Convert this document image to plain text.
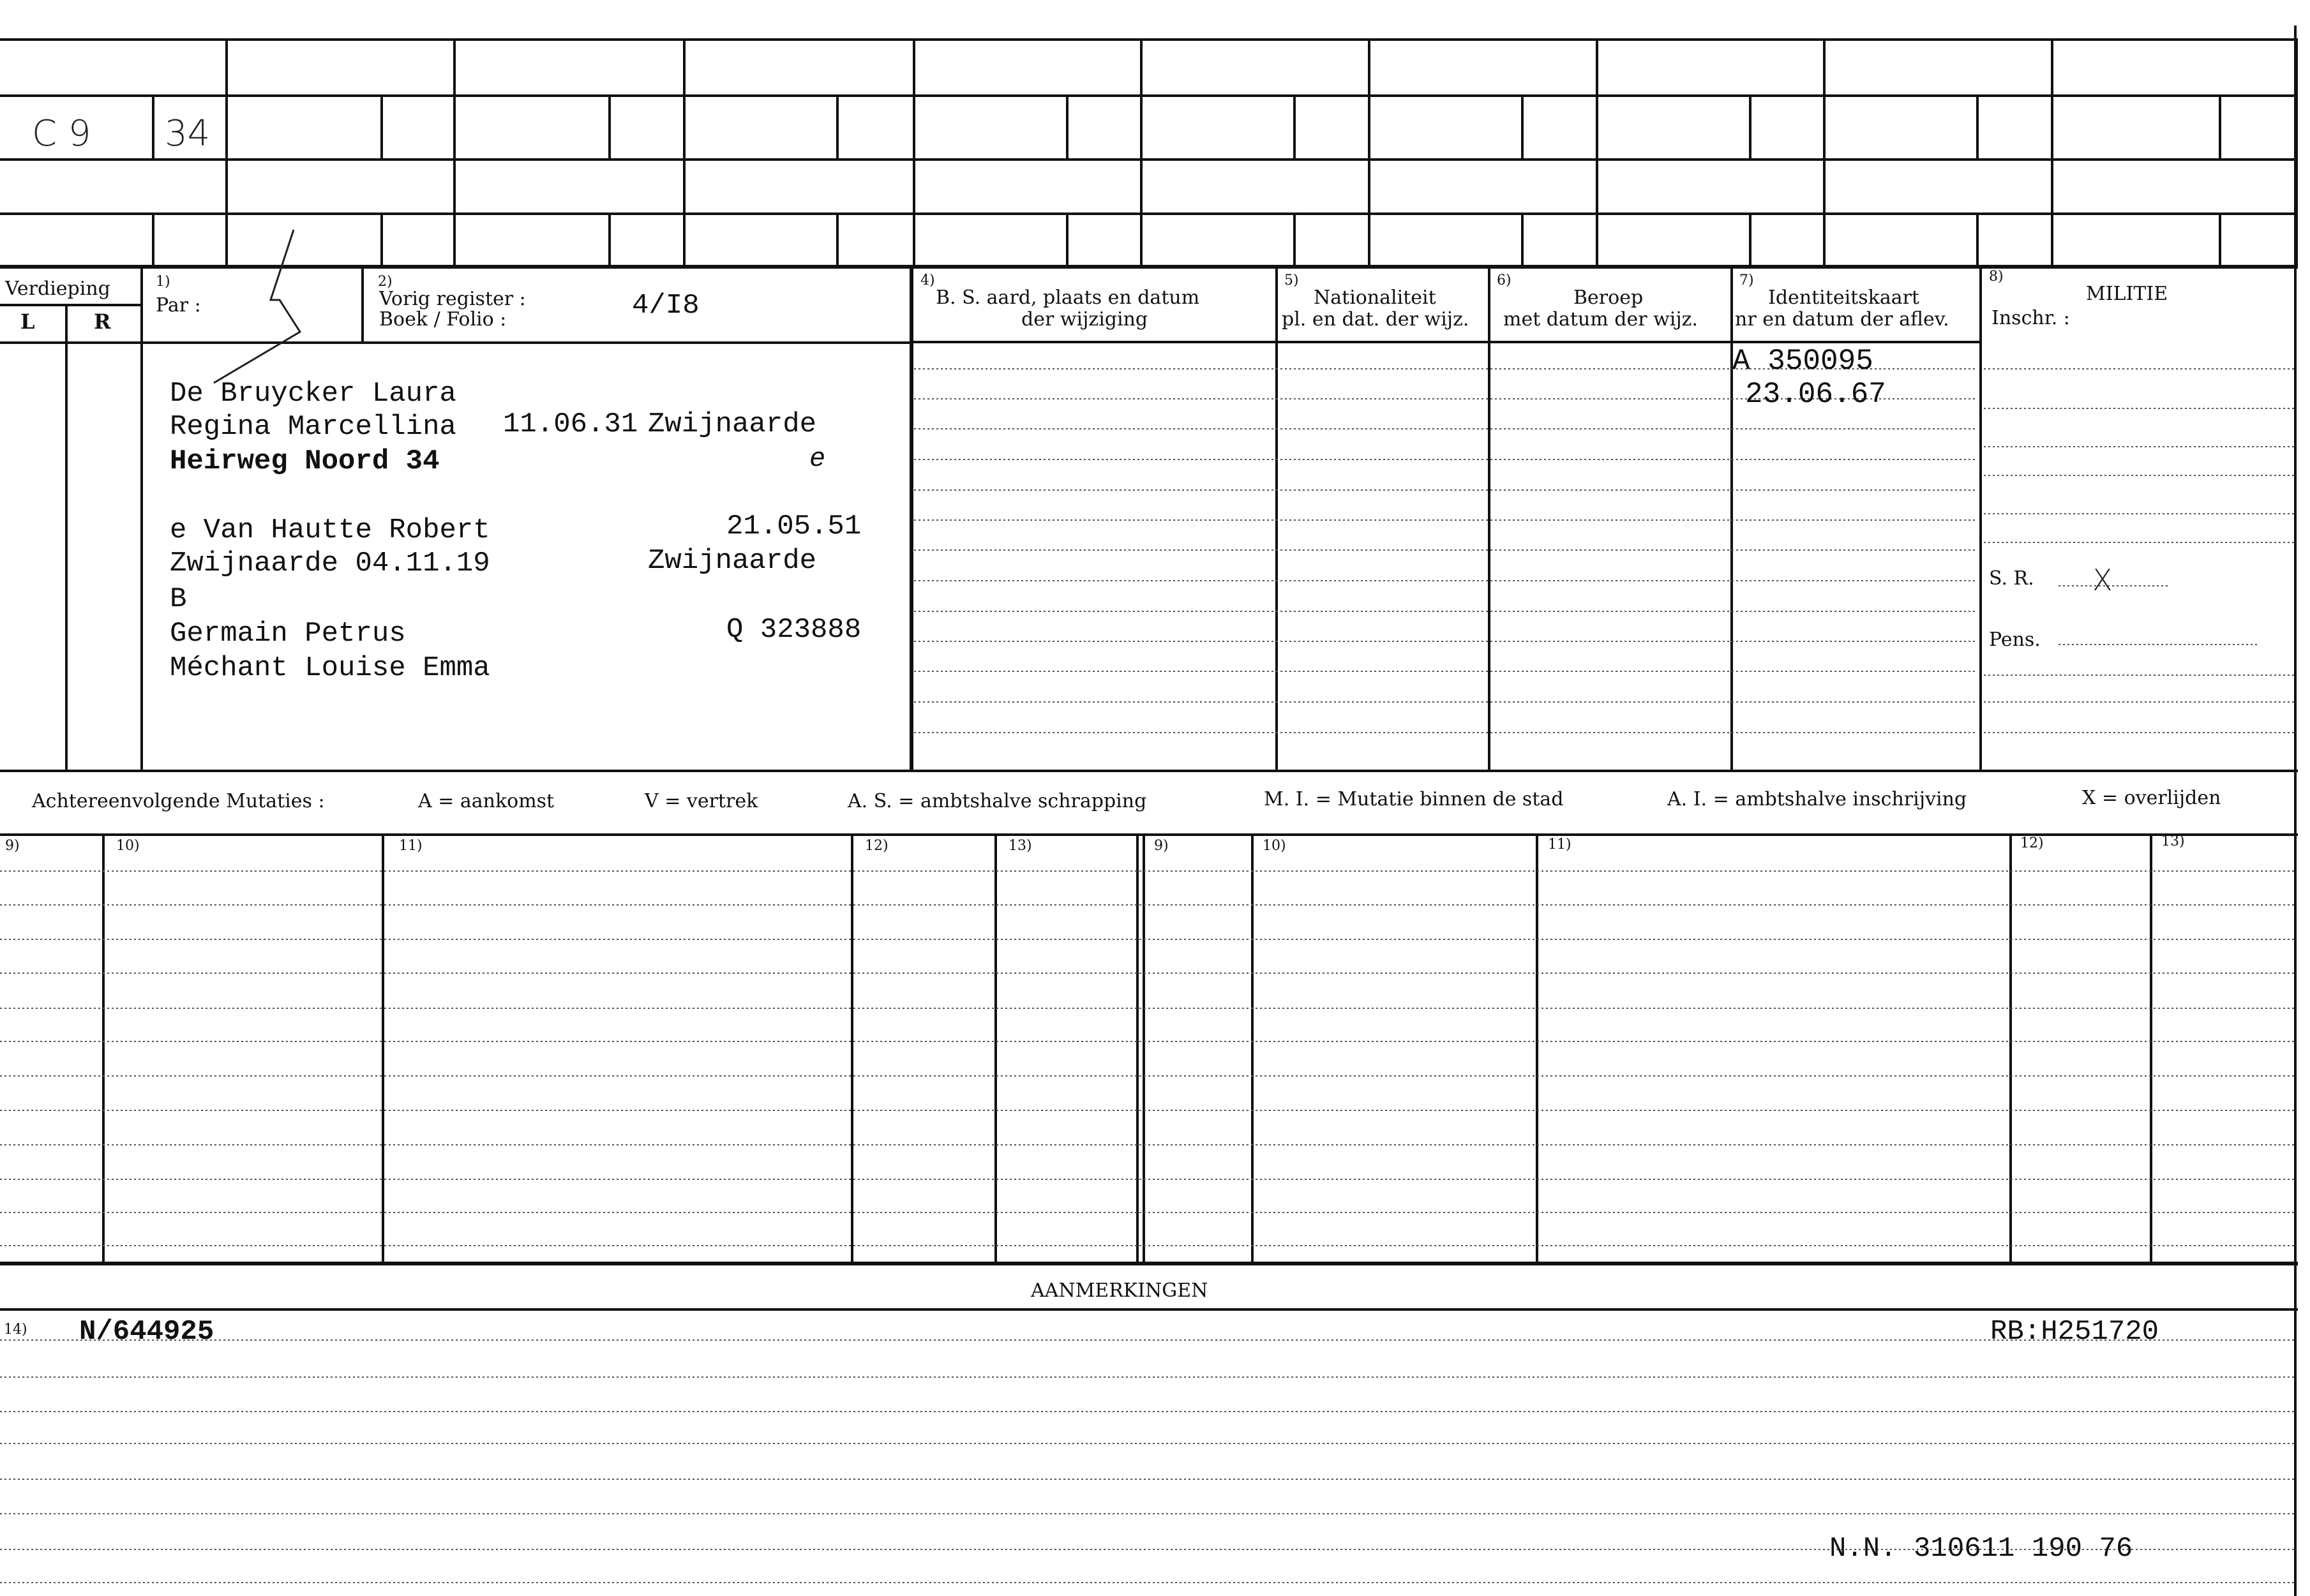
C 9 34
Verdieping
L	R
1)
Par :
2)
Vorig register :
Boek / Folio :	4/I8
4)
B. S. aard, plaats en datum
der wijziging
5)
Nationaliteit
pl. en dat. der wijz.
6)
Beroep
met datum der wijz.
7)
Identiteitskaart
nr en datum der aflev.
8)
MILITIE
Inschr. :
S. R. X
Pens.
De Bruycker Laura
Regina Marcellina 11.06.31 Zwijnaarde
Heirweg Noord 34	e
e Van Hautte Robert	21.05.51
Zwijnaarde 04.11.19	Zwijnaarde
B
Germain Petrus	Q 323888
Méchant Louise Emma
A 350095
23.06.67
Achtereenvolgende Mutaties :	A = aankomst	V = vertrek	A. S. = ambtshalve schrapping	M. I. = Mutatie binnen de stad	A. I. = ambtshalve inschrijving	X = overlijden
9)	10)	11)	12)	13)	9)	10)	11)	12)	13)
AANMERKINGEN
14) N/644925	RB:H251720
N.N. 310611 190 76
